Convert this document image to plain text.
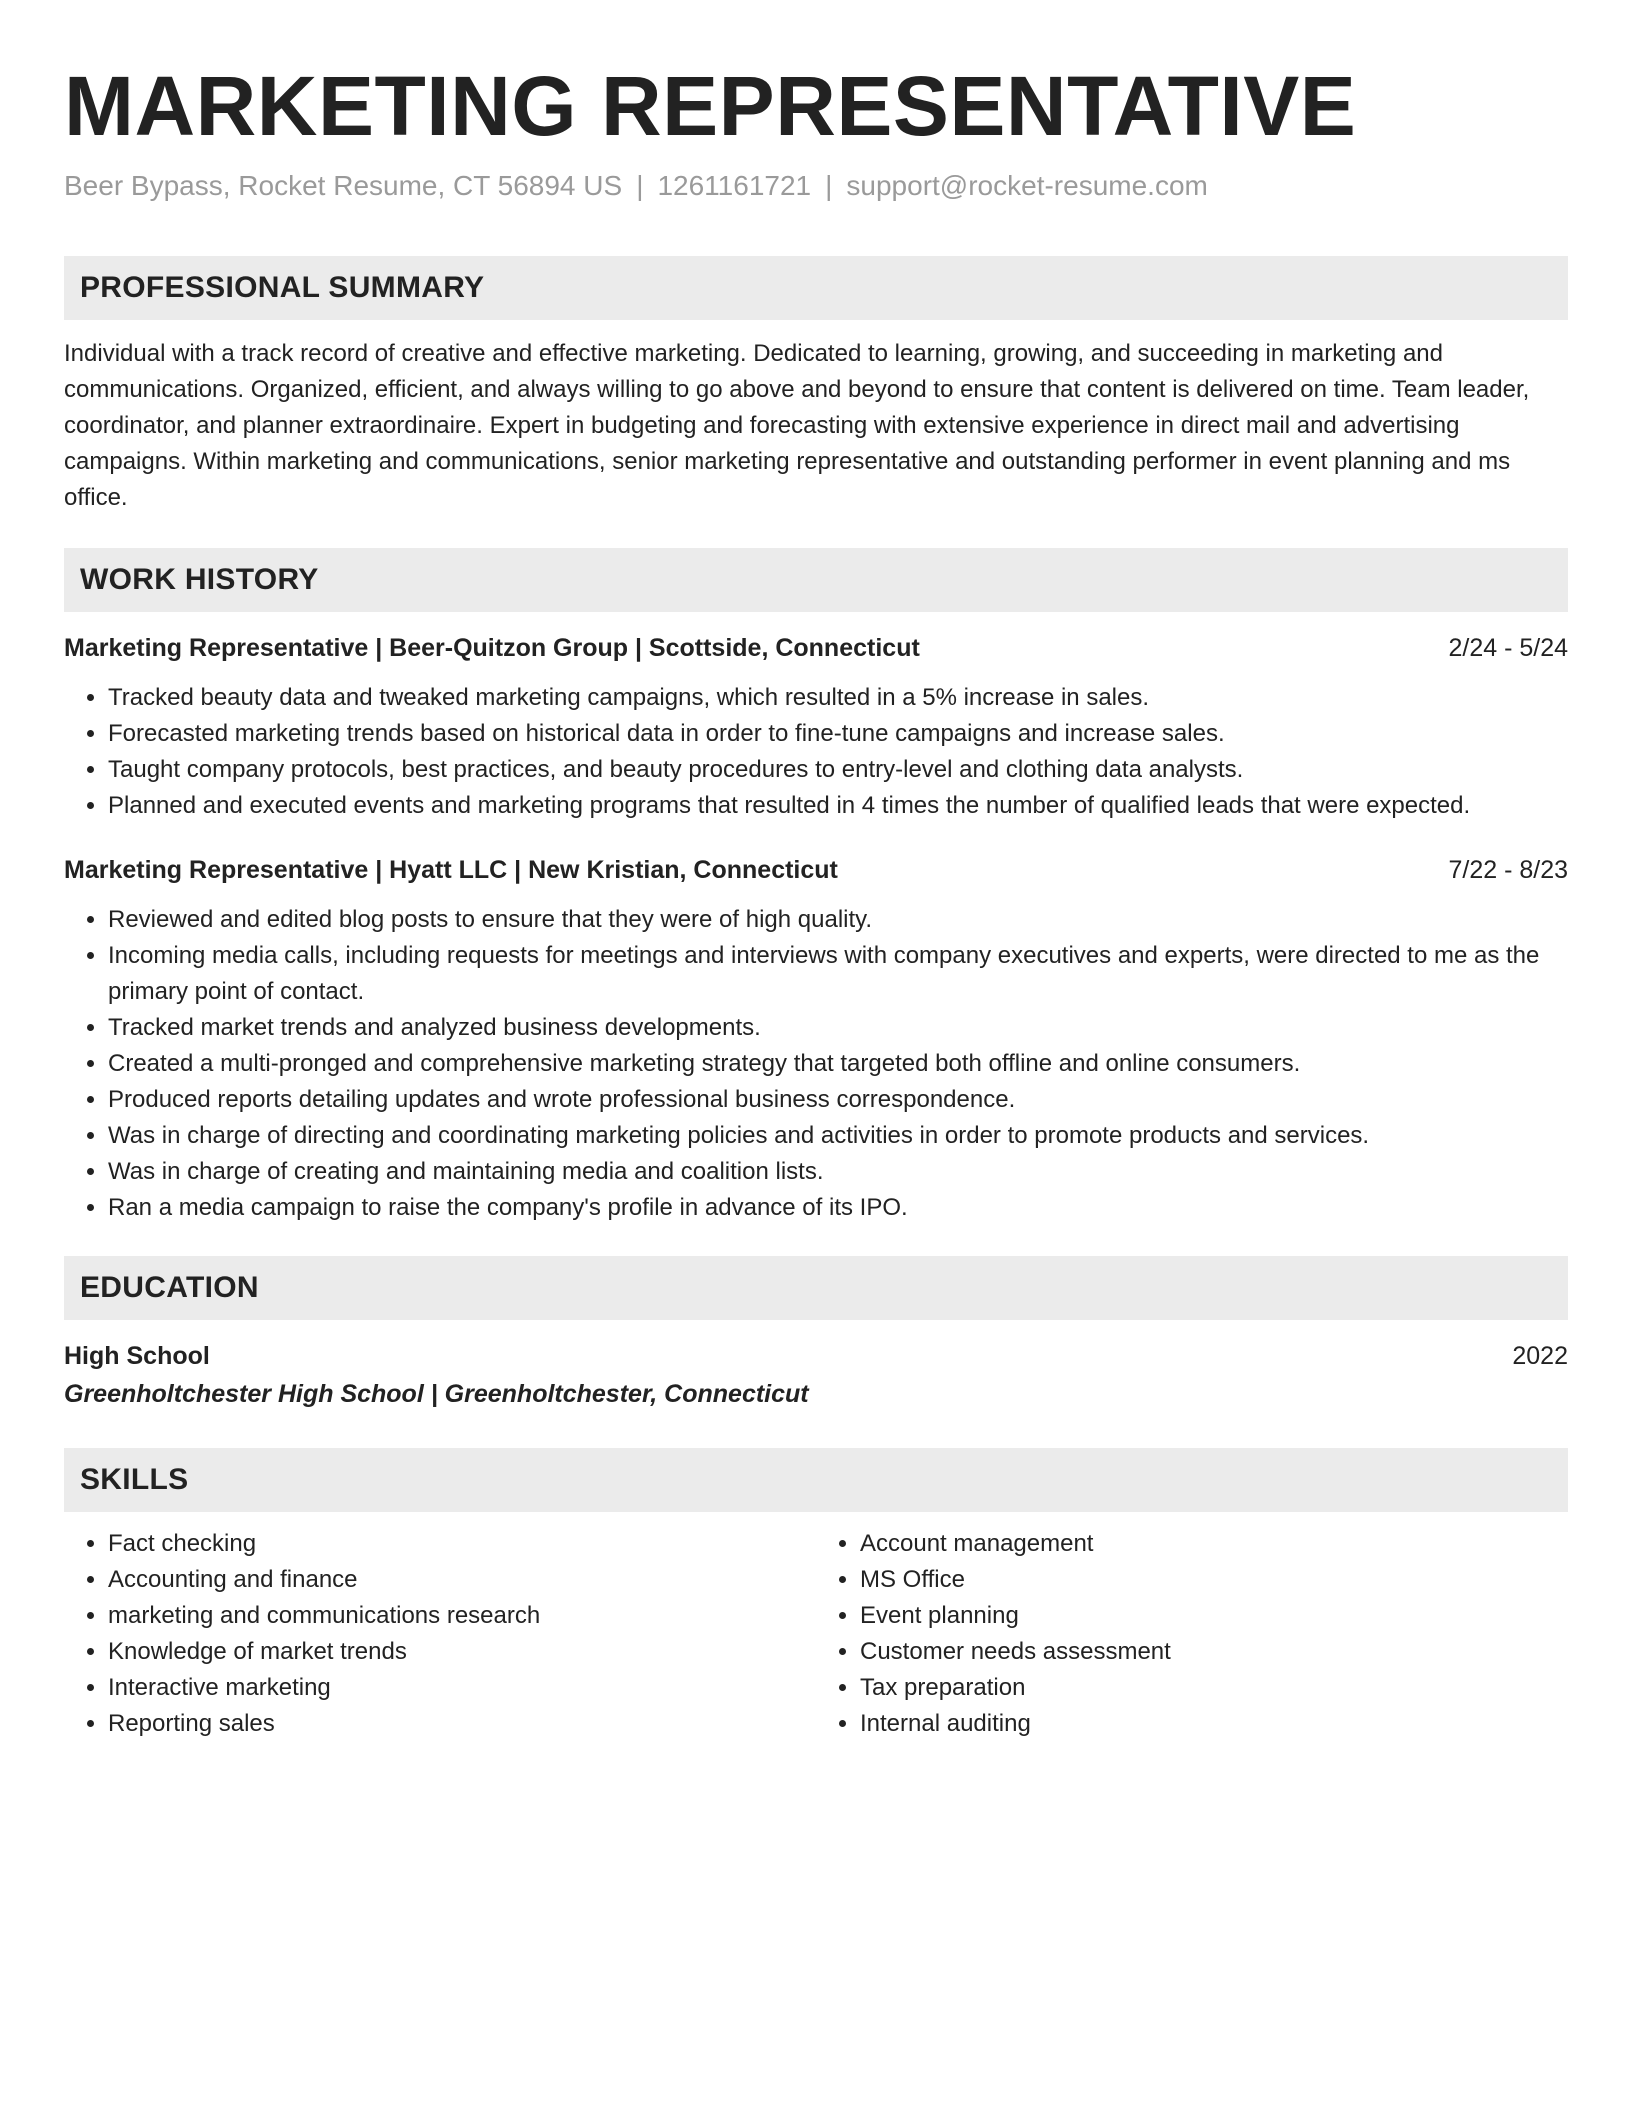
MARKETING REPRESENTATIVE
Beer Bypass, Rocket Resume, CT 56894 US | 1261161721 | support@rocket-resume.com
PROFESSIONAL SUMMARY

Individual with a track record of creative and effective marketing. Dedicated to learning, growing, and succeeding in marketing and communications. Organized, efficient, and always willing to go above and beyond to ensure that content is delivered on time. Team leader, coordinator, and planner extraordinaire. Expert in budgeting and forecasting with extensive experience in direct mail and advertising campaigns. Within marketing and communications, senior marketing representative and outstanding performer in event planning and ms office.

WORK HISTORY
Marketing Representative | Beer-Quitzon Group | Scottside, Connecticut	2/24 - 5/24
• Tracked beauty data and tweaked marketing campaigns, which resulted in a 5% increase in sales.
• Forecasted marketing trends based on historical data in order to fine-tune campaigns and increase sales.
• Taught company protocols, best practices, and beauty procedures to entry-level and clothing data analysts.
• Planned and executed events and marketing programs that resulted in 4 times the number of qualified leads that were expected.
Marketing Representative | Hyatt LLC | New Kristian, Connecticut	7/22 - 8/23
• Reviewed and edited blog posts to ensure that they were of high quality.
• Incoming media calls, including requests for meetings and interviews with company executives and experts, were directed to me as the primary point of contact.
• Tracked market trends and analyzed business developments.
• Created a multi-pronged and comprehensive marketing strategy that targeted both offline and online consumers.
• Produced reports detailing updates and wrote professional business correspondence.
• Was in charge of directing and coordinating marketing policies and activities in order to promote products and services.
• Was in charge of creating and maintaining media and coalition lists.
• Ran a media campaign to raise the company's profile in advance of its IPO.
EDUCATION
High School	2022
Greenholtchester High School | Greenholtchester, Connecticut
SKILLS
• Fact checking
• Accounting and finance
• marketing and communications research
• Knowledge of market trends
• Interactive marketing
• Reporting sales
• Account management
• MS Office
• Event planning
• Customer needs assessment
• Tax preparation
• Internal auditing
